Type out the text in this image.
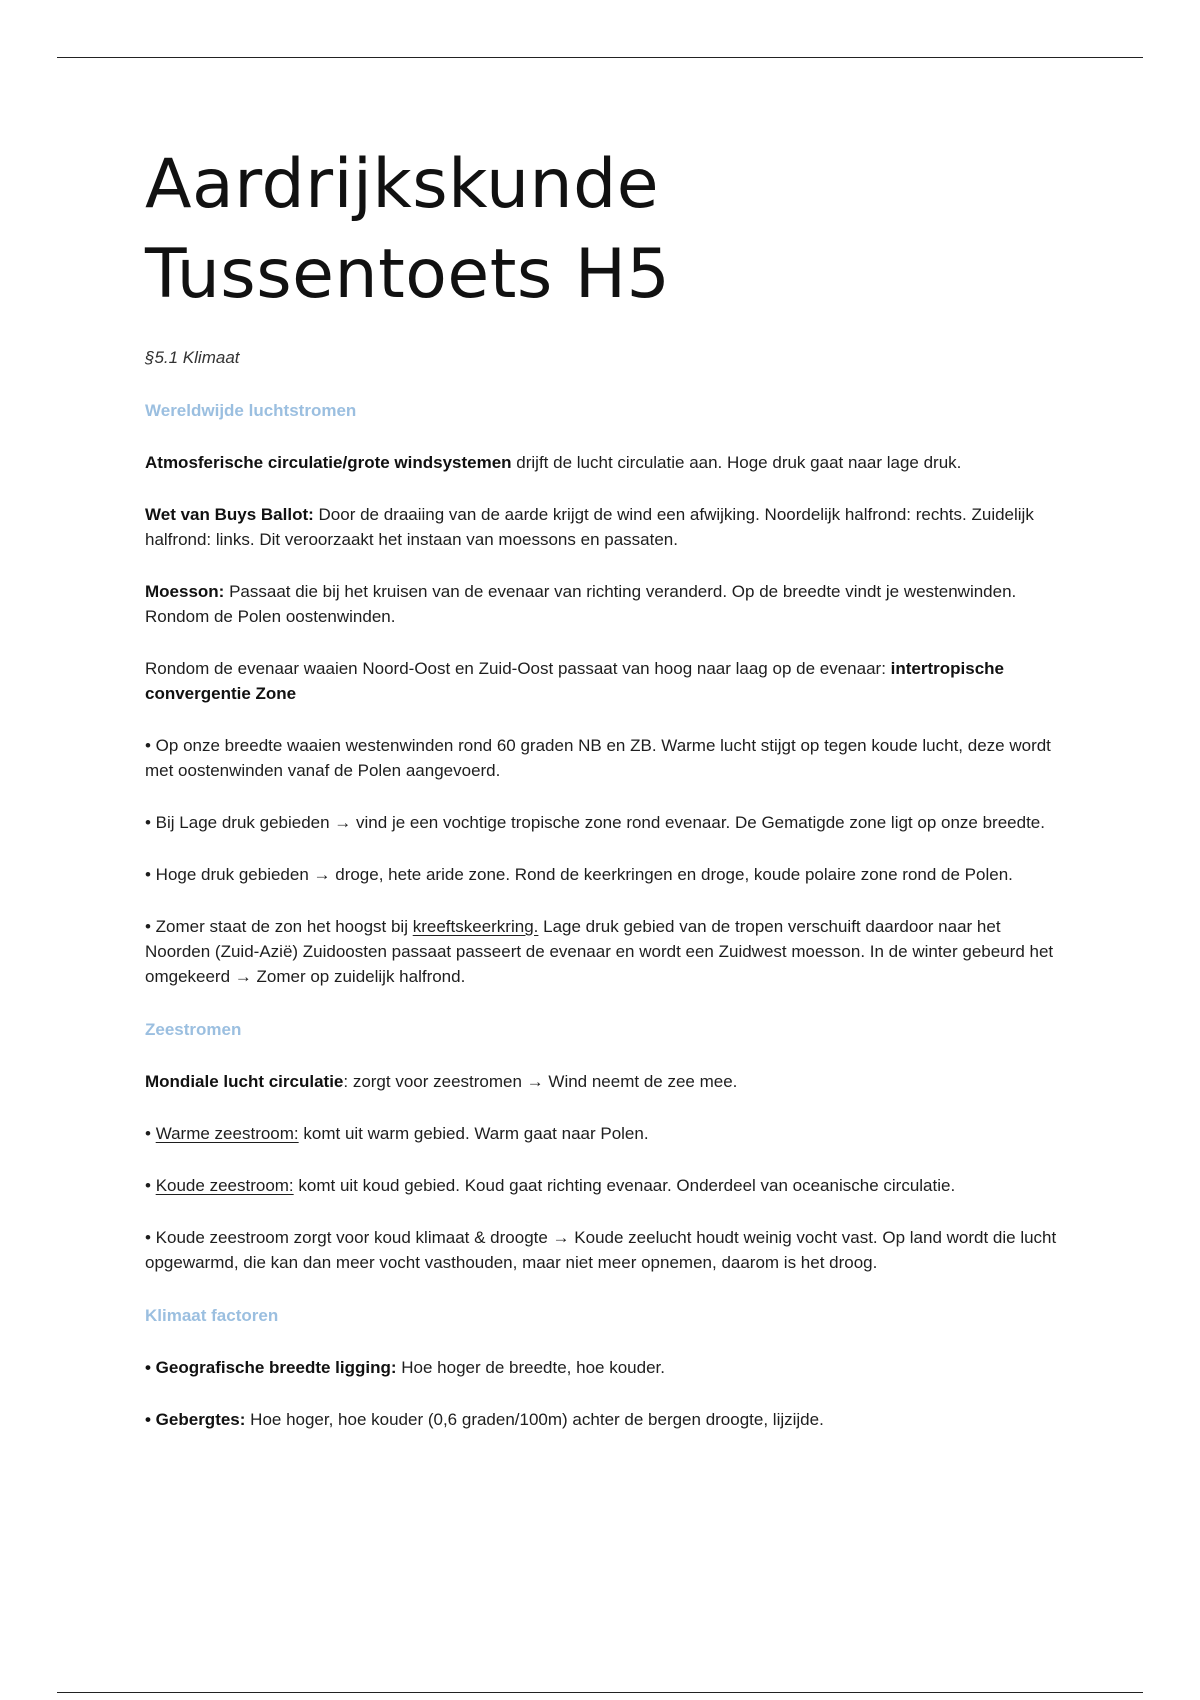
Aardrijkskunde
Tussentoets H5
§5.1 Klimaat
Wereldwijde luchtstromen
Atmosferische circulatie/grote windsystemen drijft de lucht circulatie aan. Hoge druk gaat naar lage druk.
Wet van Buys Ballot: Door de draaiing van de aarde krijgt de wind een afwijking. Noordelijk halfrond: rechts. Zuidelijk halfrond: links. Dit veroorzaakt het instaan van moessons en passaten.
Moesson: Passaat die bij het kruisen van de evenaar van richting veranderd. Op de breedte vindt je westenwinden. Rondom de Polen oostenwinden.
Rondom de evenaar waaien Noord-Oost en Zuid-Oost passaat van hoog naar laag op de evenaar: intertropische convergentie Zone
• Op onze breedte waaien westenwinden rond 60 graden NB en ZB. Warme lucht stijgt op tegen koude lucht, deze wordt met oostenwinden vanaf de Polen aangevoerd.
• Bij Lage druk gebieden → vind je een vochtige tropische zone rond evenaar. De Gematigde zone ligt op onze breedte.
• Hoge druk gebieden → droge, hete aride zone. Rond de keerkringen en droge, koude polaire zone rond de Polen.
• Zomer staat de zon het hoogst bij kreeftskeerkring. Lage druk gebied van de tropen verschuift daardoor naar het Noorden (Zuid-Azië) Zuidoosten passaat passeert de evenaar en wordt een Zuidwest moesson. In de winter gebeurd het omgekeerd → Zomer op zuidelijk halfrond.
Zeestromen
Mondiale lucht circulatie: zorgt voor zeestromen → Wind neemt de zee mee.
• Warme zeestroom: komt uit warm gebied. Warm gaat naar Polen.
• Koude zeestroom: komt uit koud gebied. Koud gaat richting evenaar. Onderdeel van oceanische circulatie.
• Koude zeestroom zorgt voor koud klimaat & droogte → Koude zeelucht houdt weinig vocht vast. Op land wordt die lucht opgewarmd, die kan dan meer vocht vasthouden, maar niet meer opnemen, daarom is het droog.
Klimaat factoren
• Geografische breedte ligging: Hoe hoger de breedte, hoe kouder.
• Gebergtes: Hoe hoger, hoe kouder (0,6 graden/100m) achter de bergen droogte, lijzijde.
